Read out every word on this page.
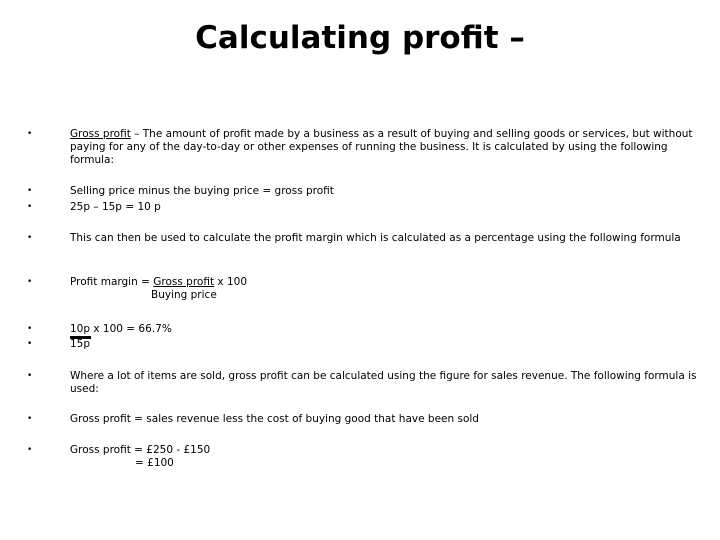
Calculating profit –
•	Gross profit – The amount of profit made by a business as a result of buying and selling goods or services, but without paying for any of the day-to-day or other expenses of running the business. It is calculated by using the following formula:
•	Selling price minus the buying price = gross profit
•	25p – 15p = 10 p
•	This can then be used to calculate the profit margin which is calculated as a percentage using the following formula
•	Profit margin = Gross profit x 100
Buying price
•	10p
x 100 = 66.7%
•	15p
•	Where a lot of items are sold, gross profit can be calculated using the figure for sales revenue. The following formula is used:
•	Gross profit = sales revenue less the cost of buying good that have been sold
•	Gross profit = £250 - £150
= £100
